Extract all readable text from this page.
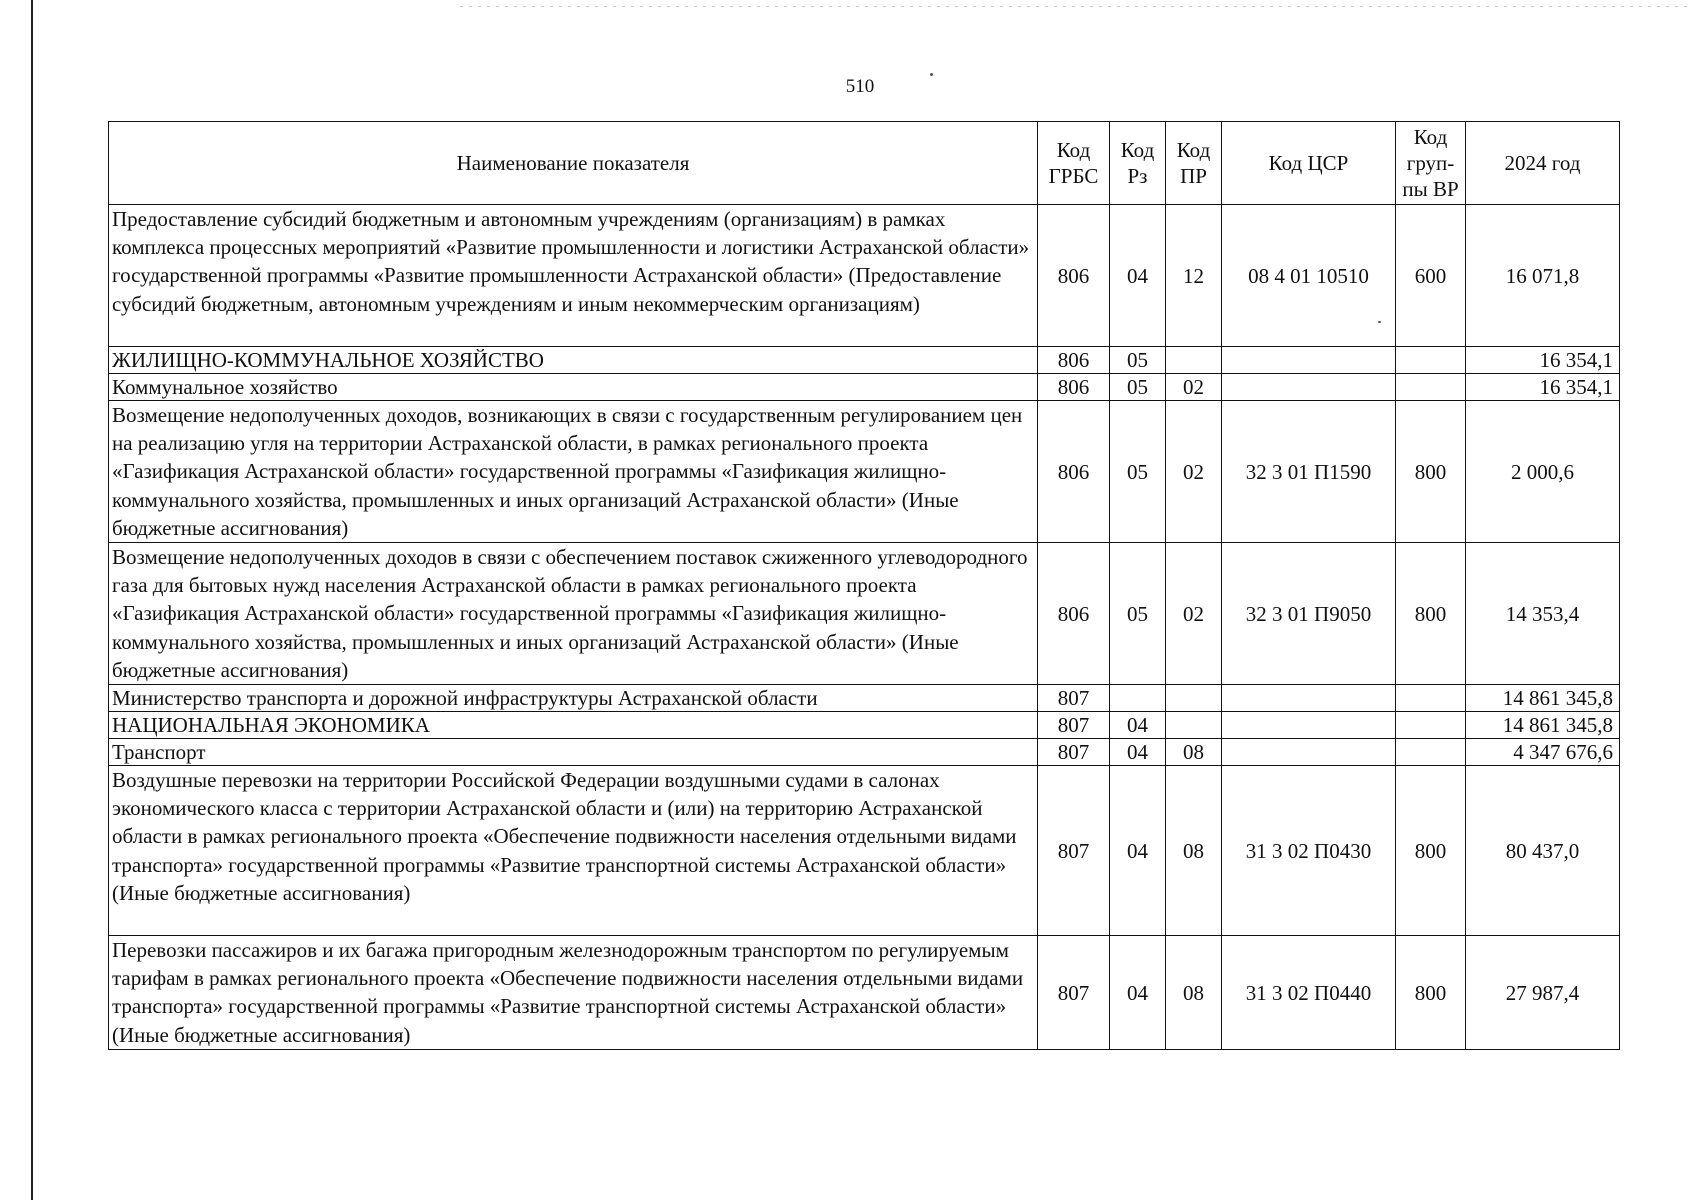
510
Наименование показателя	Код ГРБС	Код Рз	Код ПР	Код ЦСР	Код груп-пы ВР	2024 год
Предоставление субсидий бюджетным и автономным учреждениям (организациям) в рамках комплекса процессных мероприятий «Развитие промышленности и логистики Астраханской области» государственной программы «Развитие промышленности Астраханской области» (Предоставление субсидий бюджетным, автономным учреждениям и иным некоммерческим организациям)	806	04	12	08 4 01 10510	600	16 071,8
ЖИЛИЩНО-КОММУНАЛЬНОЕ ХОЗЯЙСТВО	806	05				16 354,1
Коммунальное хозяйство	806	05	02			16 354,1
Возмещение недополученных доходов, возникающих в связи с государственным регулированием цен на реализацию угля на территории Астраханской области, в рамках регионального проекта «Газификация Астраханской области» государственной программы «Газификация жилищно-коммунального хозяйства, промышленных и иных организаций Астраханской области» (Иные бюджетные ассигнования)	806	05	02	32 3 01 П1590	800	2 000,6
Возмещение недополученных доходов в связи с обеспечением поставок сжиженного углеводородного газа для бытовых нужд населения Астраханской области в рамках регионального проекта «Газификация Астраханской области» государственной программы «Газификация жилищно-коммунального хозяйства, промышленных и иных организаций Астраханской области» (Иные бюджетные ассигнования)	806	05	02	32 3 01 П9050	800	14 353,4
Министерство транспорта и дорожной инфраструктуры Астраханской области	807					14 861 345,8
НАЦИОНАЛЬНАЯ ЭКОНОМИКА	807	04				14 861 345,8
Транспорт	807	04	08			4 347 676,6
Воздушные перевозки на территории Российской Федерации воздушными судами в салонах экономического класса с территории Астраханской области и (или) на территорию Астраханской области в рамках регионального проекта «Обеспечение подвижности населения отдельными видами транспорта» государственной программы «Развитие транспортной системы Астраханской области» (Иные бюджетные ассигнования)	807	04	08	31 3 02 П0430	800	80 437,0
Перевозки пассажиров и их багажа пригородным железнодорожным транспортом по регулируемым тарифам в рамках регионального проекта «Обеспечение подвижности населения отдельными видами транспорта» государственной программы «Развитие транспортной системы Астраханской области» (Иные бюджетные ассигнования)	807	04	08	31 3 02 П0440	800	27 987,4
